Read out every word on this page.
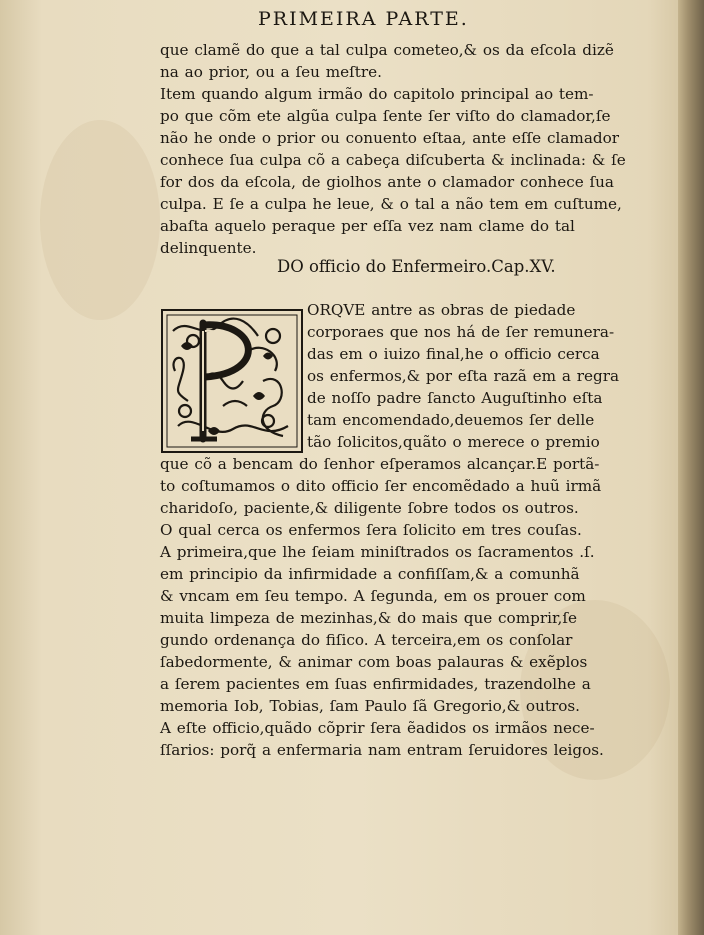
PRIMEIRA PARTE.
que clamẽ do que a tal culpa cometeo,& os da eſcola dizẽ
na ao prior, ou a ſeu meſtre.
Item quando algum irmão do capitolo principal ao tem-
po que cõm ete algũa culpa ſente ſer viſto do clamador,ſe
não he onde o prior ou conuento eſtaa, ante eſſe clamador
conhece ſua culpa cõ a cabeça diſcuberta & inclinada: & ſe
for dos da eſcola, de giolhos ante o clamador conhece ſua
culpa. E ſe a culpa he leue, & o tal a não tem em cuſtume,
abaſta aquelo peraque per eſſa vez nam clame do tal
delinquente.
DO officio do Enfermeiro.Cap.XV.
ORQVE antre as obras de piedade
corporaes que nos há de ſer remunera-
das em o iuizo final,he o officio cerca
os enfermos,& por eſta razã em a regra
de noſſo padre ſancto Auguſtinho eſta
tam encomendado,deuemos ſer delle
tão ſolicitos,quãto o merece o premio
que cõ a bencam do ſenhor eſperamos alcançar.E portã-
to coſtumamos o dito officio ſer encomẽdado a huũ irmã
charidoſo, paciente,& diligente ſobre todos os outros.
O qual cerca os enfermos ſera ſolicito em tres couſas.
A primeira,que lhe ſeiam miniſtrados os ſacramentos .ſ.
em principio da infirmidade a confiſſam,& a comunhã
& vncam em ſeu tempo. A ſegunda, em os prouer com
muita limpeza de mezinhas,& do mais que comprir,ſe
gundo ordenança do fiſico. A terceira,em os conſolar
ſabedormente, & animar com boas palauras & exẽplos
a ſerem pacientes em ſuas enfirmidades, trazendolhe a
memoria Iob, Tobias, ſam Paulo ſã Gregorio,& outros.
A eſte officio,quãdo cõprir ſera ẽadidos os irmãos nece-
ſſarios: porq̃ a enfermaria nam entram ſeruidores leigos.
